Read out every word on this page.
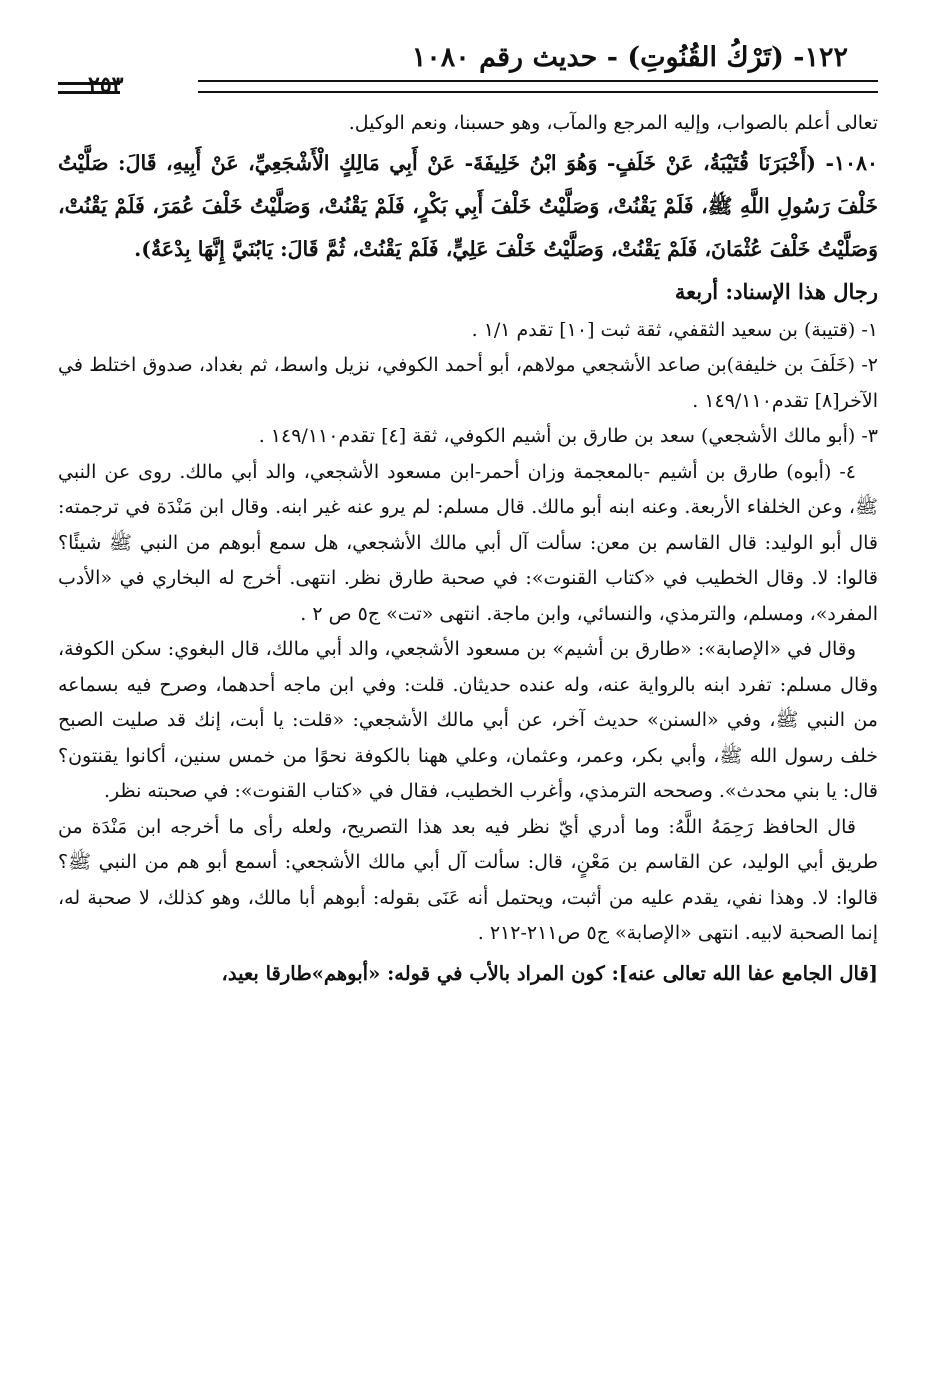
١٢٢- (تَرْكُ القُنُوتِ) - حديث رقم ١٠٨٠
٢٥٣

تعالى أعلم بالصواب، وإليه المرجع والمآب، وهو حسبنا، ونعم الوكيل.

١٠٨٠- (أَخْبَرَنَا قُتَيْبَةُ، عَنْ خَلَفٍ- وَهُوَ ابْنُ خَلِيفَةَ- عَنْ أَبِي مَالِكٍ الْأَشْجَعِيِّ، عَنْ أَبِيهِ، قَالَ: صَلَّيْتُ خَلْفَ رَسُولِ اللَّهِ ﷺ، فَلَمْ يَقْنُتْ، وَصَلَّيْتُ خَلْفَ أَبِي بَكْرٍ، فَلَمْ يَقْنُتْ، وَصَلَّيْتُ خَلْفَ عُمَرَ، فَلَمْ يَقْنُتْ، وَصَلَّيْتُ خَلْفَ عُثْمَانَ، فَلَمْ يَقْنُتْ، وَصَلَّيْتُ خَلْفَ عَلِيٍّ، فَلَمْ يَقْنُتْ، ثُمَّ قَالَ: يَابُنَيَّ إِنَّهَا بِدْعَةٌ).

رجال هذا الإسناد: أربعة

١- (قتيبة) بن سعيد الثقفي، ثقة ثبت [١٠] تقدم ١/١ .

٢- (خَلَفَ بن خليفة)بن صاعد الأشجعي مولاهم، أبو أحمد الكوفي، نزيل واسط، ثم بغداد، صدوق اختلط في الآخر[٨] تقدم١٤٩/١١٠ .

٣- (أبو مالك الأشجعي) سعد بن طارق بن أشيم الكوفي، ثقة [٤] تقدم١٤٩/١١٠ .

٤- (أبوه) طارق بن أشيم -بالمعجمة وزان أحمر-ابن مسعود الأشجعي، والد أبي مالك. روى عن النبي ﷺ، وعن الخلفاء الأربعة. وعنه ابنه أبو مالك. قال مسلم: لم يرو عنه غير ابنه. وقال ابن مَنْدَة في ترجمته: قال أبو الوليد: قال القاسم بن معن: سألت آل أبي مالك الأشجعي، هل سمع أبوهم من النبي ﷺ شيئًا؟ قالوا: لا. وقال الخطيب في «كتاب القنوت»: في صحبة طارق نظر. انتهى. أخرج له البخاري في «الأدب المفرد»، ومسلم، والترمذي، والنسائي، وابن ماجة. انتهى «تت» ج٥ ص ٢ .

وقال في «الإصابة»: «طارق بن أشيم» بن مسعود الأشجعي، والد أبي مالك، قال البغوي: سكن الكوفة، وقال مسلم: تفرد ابنه بالرواية عنه، وله عنده حديثان. قلت: وفي ابن ماجه أحدهما، وصرح فيه بسماعه من النبي ﷺ، وفي «السنن» حديث آخر، عن أبي مالك الأشجعي: «قلت: يا أبت، إنك قد صليت الصبح خلف رسول الله ﷺ، وأبي بكر، وعمر، وعثمان، وعلي ههنا بالكوفة نحوًا من خمس سنين، أكانوا يقنتون؟ قال: يا بني محدث». وصححه الترمذي، وأغرب الخطيب، فقال في «كتاب القنوت»: في صحبته نظر.

قال الحافظ رَحِمَهُ اللَّهُ: وما أدري أيّ نظر فيه بعد هذا التصريح، ولعله رأى ما أخرجه ابن مَنْدَة من طريق أبي الوليد، عن القاسم بن مَعْنٍ، قال: سألت آل أبي مالك الأشجعي: أسمع أبو هم من النبي ﷺ؟ قالوا: لا. وهذا نفي، يقدم عليه من أثبت، ويحتمل أنه عَنَى بقوله: أبوهم أبا مالك، وهو كذلك، لا صحبة له، إنما الصحبة لابيه. انتهى «الإصابة» ج٥ ص٢١١-٢١٢ .

[قال الجامع عفا الله تعالى عنه]: كون المراد بالأب في قوله: «أبوهم»طارقا بعيد،
